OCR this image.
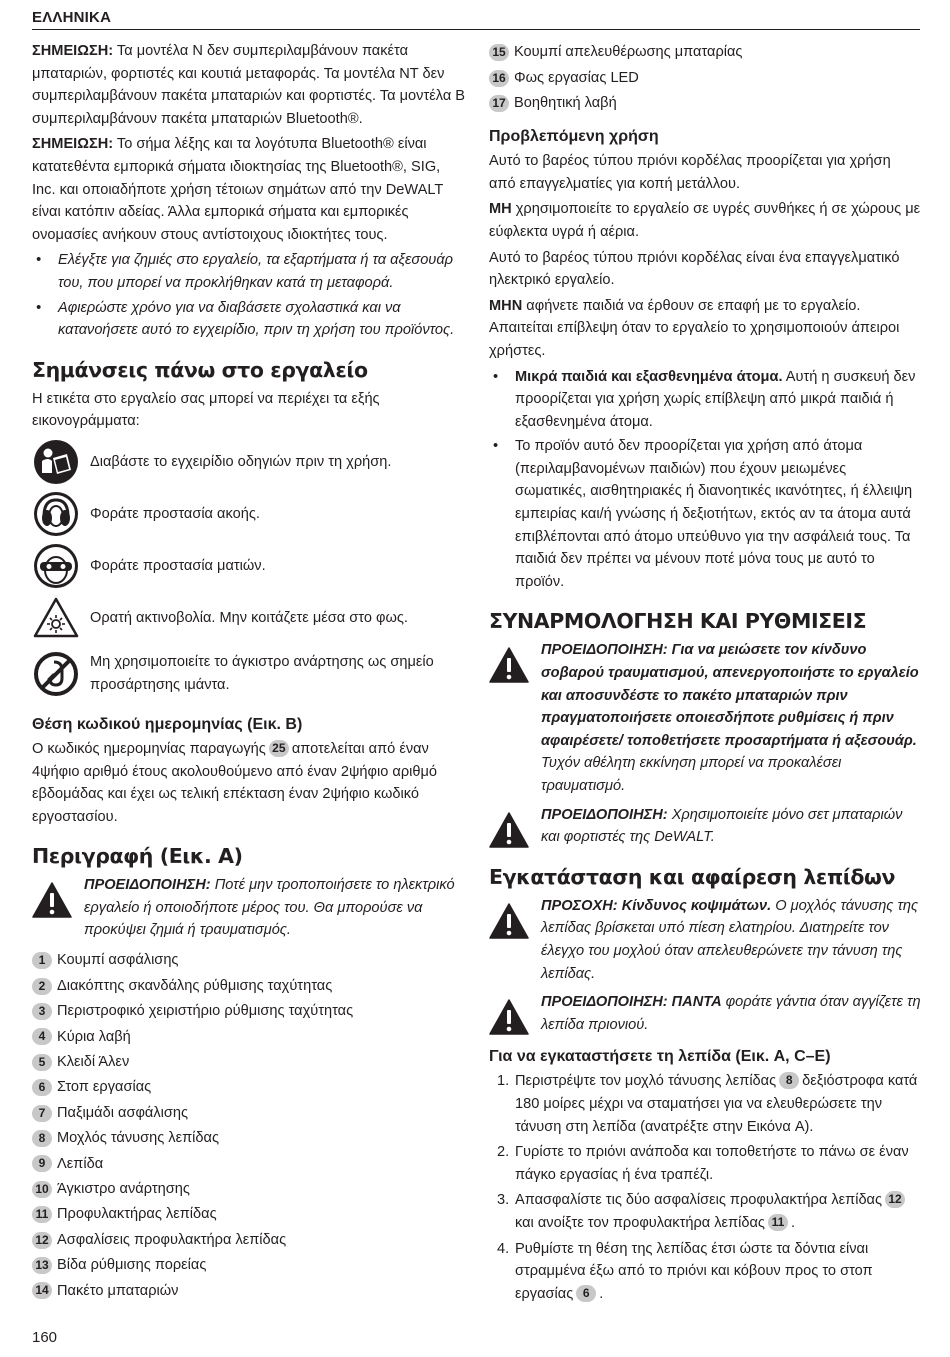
ΕΛΛΗΝΙΚΑ

ΣΗΜΕΙΩΣΗ: Τα μοντέλα N δεν συμπεριλαμβάνουν πακέτα μπαταριών, φορτιστές και κουτιά μεταφοράς. Τα μοντέλα NT δεν συμπεριλαμβάνουν πακέτα μπαταριών και φορτιστές. Τα μοντέλα B συμπεριλαμβάνουν πακέτα μπαταριών Bluetooth®.

ΣΗΜΕΙΩΣΗ: Το σήμα λέξης και τα λογότυπα Bluetooth® είναι κατατεθέντα εμπορικά σήματα ιδιοκτησίας της Bluetooth®, SIG, Inc. και οποιαδήποτε χρήση τέτοιων σημάτων από την DeWALT είναι κατόπιν αδείας. Άλλα εμπορικά σήματα και εμπορικές ονομασίες ανήκουν στους αντίστοιχους ιδιοκτήτες τους.

• Ελέγξτε για ζημιές στο εργαλείο, τα εξαρτήματα ή τα αξεσουάρ του, που μπορεί να προκλήθηκαν κατά τη μεταφορά.
• Αφιερώστε χρόνο για να διαβάσετε σχολαστικά και να κατανοήσετε αυτό το εγχειρίδιο, πριν τη χρήση του προϊόντος.
Σημάνσεις πάνω στο εργαλείο

Η ετικέτα στο εργαλείο σας μπορεί να περιέχει τα εξής εικονογράμματα:

Διαβάστε το εγχειρίδιο οδηγιών πριν τη χρήση.
Φοράτε προστασία ακοής.
Φοράτε προστασία ματιών.
Ορατή ακτινοβολία. Μην κοιτάζετε μέσα στο φως.
Μη χρησιμοποιείτε το άγκιστρο ανάρτησης ως σημείο προσάρτησης ιμάντα.
Θέση κωδικού ημερομηνίας (Εικ. B)

Ο κωδικός ημερομηνίας παραγωγής 25 αποτελείται από έναν 4ψήφιο αριθμό έτους ακολουθούμενο από έναν 2ψήφιο αριθμό εβδομάδας και έχει ως τελική επέκταση έναν 2ψήφιο κωδικό εργοστασίου.

Περιγραφή (Εικ. A)
ΠΡΟΕΙΔΟΠΟΙΗΣΗ: Ποτέ μην τροποποιήσετε το ηλεκτρικό εργαλείο ή οποιοδήποτε μέρος του. Θα μπορούσε να προκύψει ζημιά ή τραυματισμός.
1 Κουμπί ασφάλισης
2 Διακόπτης σκανδάλης ρύθμισης ταχύτητας
3 Περιστροφικό χειριστήριο ρύθμισης ταχύτητας
4 Κύρια λαβή
5 Κλειδί Άλεν
6 Στοπ εργασίας
7 Παξιμάδι ασφάλισης
8 Μοχλός τάνυσης λεπίδας
9 Λεπίδα
10 Άγκιστρο ανάρτησης
11 Προφυλακτήρας λεπίδας
12 Ασφαλίσεις προφυλακτήρα λεπίδας
13 Βίδα ρύθμισης πορείας
14 Πακέτο μπαταριών
15 Κουμπί απελευθέρωσης μπαταρίας
16 Φως εργασίας LED
17 Βοηθητική λαβή
Προβλεπόμενη χρήση

Αυτό το βαρέος τύπου πριόνι κορδέλας προορίζεται για χρήση από επαγγελματίες για κοπή μετάλλου.

ΜΗ χρησιμοποιείτε το εργαλείο σε υγρές συνθήκες ή σε χώρους με εύφλεκτα υγρά ή αέρια.

Αυτό το βαρέος τύπου πριόνι κορδέλας είναι ένα επαγγελματικό ηλεκτρικό εργαλείο.

ΜΗΝ αφήνετε παιδιά να έρθουν σε επαφή με το εργαλείο. Απαιτείται επίβλεψη όταν το εργαλείο το χρησιμοποιούν άπειροι χρήστες.

• Μικρά παιδιά και εξασθενημένα άτομα. Αυτή η συσκευή δεν προορίζεται για χρήση χωρίς επίβλεψη από μικρά παιδιά ή εξασθενημένα άτομα.
• Το προϊόν αυτό δεν προορίζεται για χρήση από άτομα (περιλαμβανομένων παιδιών) που έχουν μειωμένες σωματικές, αισθητηριακές ή διανοητικές ικανότητες, ή έλλειψη εμπειρίας και/ή γνώσης ή δεξιοτήτων, εκτός αν τα άτομα αυτά επιβλέπονται από άτομο υπεύθυνο για την ασφάλειά τους. Τα παιδιά δεν πρέπει να μένουν ποτέ μόνα τους με αυτό το προϊόν.
ΣΥΝΑΡΜΟΛΟΓΗΣΗ ΚΑΙ ΡΥΘΜΙΣΕΙΣ
ΠΡΟΕΙΔΟΠΟΙΗΣΗ: Για να μειώσετε τον κίνδυνο σοβαρού τραυματισμού, απενεργοποιήστε το εργαλείο και αποσυνδέστε το πακέτο μπαταριών πριν πραγματοποιήσετε οποιεσδήποτε ρυθμίσεις ή πριν αφαιρέσετε/ τοποθετήσετε προσαρτήματα ή αξεσουάρ. Τυχόν αθέλητη εκκίνηση μπορεί να προκαλέσει τραυματισμό.
ΠΡΟΕΙΔΟΠΟΙΗΣΗ: Χρησιμοποιείτε μόνο σετ μπαταριών και φορτιστές της DeWALT.
Εγκατάσταση και αφαίρεση λεπίδων
ΠΡΟΣΟΧΗ: Κίνδυνος κοψιμάτων. Ο μοχλός τάνυσης της λεπίδας βρίσκεται υπό πίεση ελατηρίου. Διατηρείτε τον έλεγχο του μοχλού όταν απελευθερώνετε την τάνυση της λεπίδας.
ΠΡΟΕΙΔΟΠΟΙΗΣΗ: ΠΑΝΤΑ φοράτε γάντια όταν αγγίζετε τη λεπίδα πριονιού.
Για να εγκαταστήσετε τη λεπίδα (Εικ. A, C–E)
1. Περιστρέψτε τον μοχλό τάνυσης λεπίδας 8 δεξιόστροφα κατά 180 μοίρες μέχρι να σταματήσει για να ελευθερώσετε την τάνυση στη λεπίδα (ανατρέξτε στην Εικόνα A).
2. Γυρίστε το πριόνι ανάποδα και τοποθετήστε το πάνω σε έναν πάγκο εργασίας ή ένα τραπέζι.
3. Απασφαλίστε τις δύο ασφαλίσεις προφυλακτήρα λεπίδας 12και ανοίξτε τον προφυλακτήρα λεπίδας 11 .
4. Ρυθμίστε τη θέση της λεπίδας έτσι ώστε τα δόντια είναι στραμμένα έξω από το πριόνι και κόβουν προς το στοπ εργασίας 6 .
160
